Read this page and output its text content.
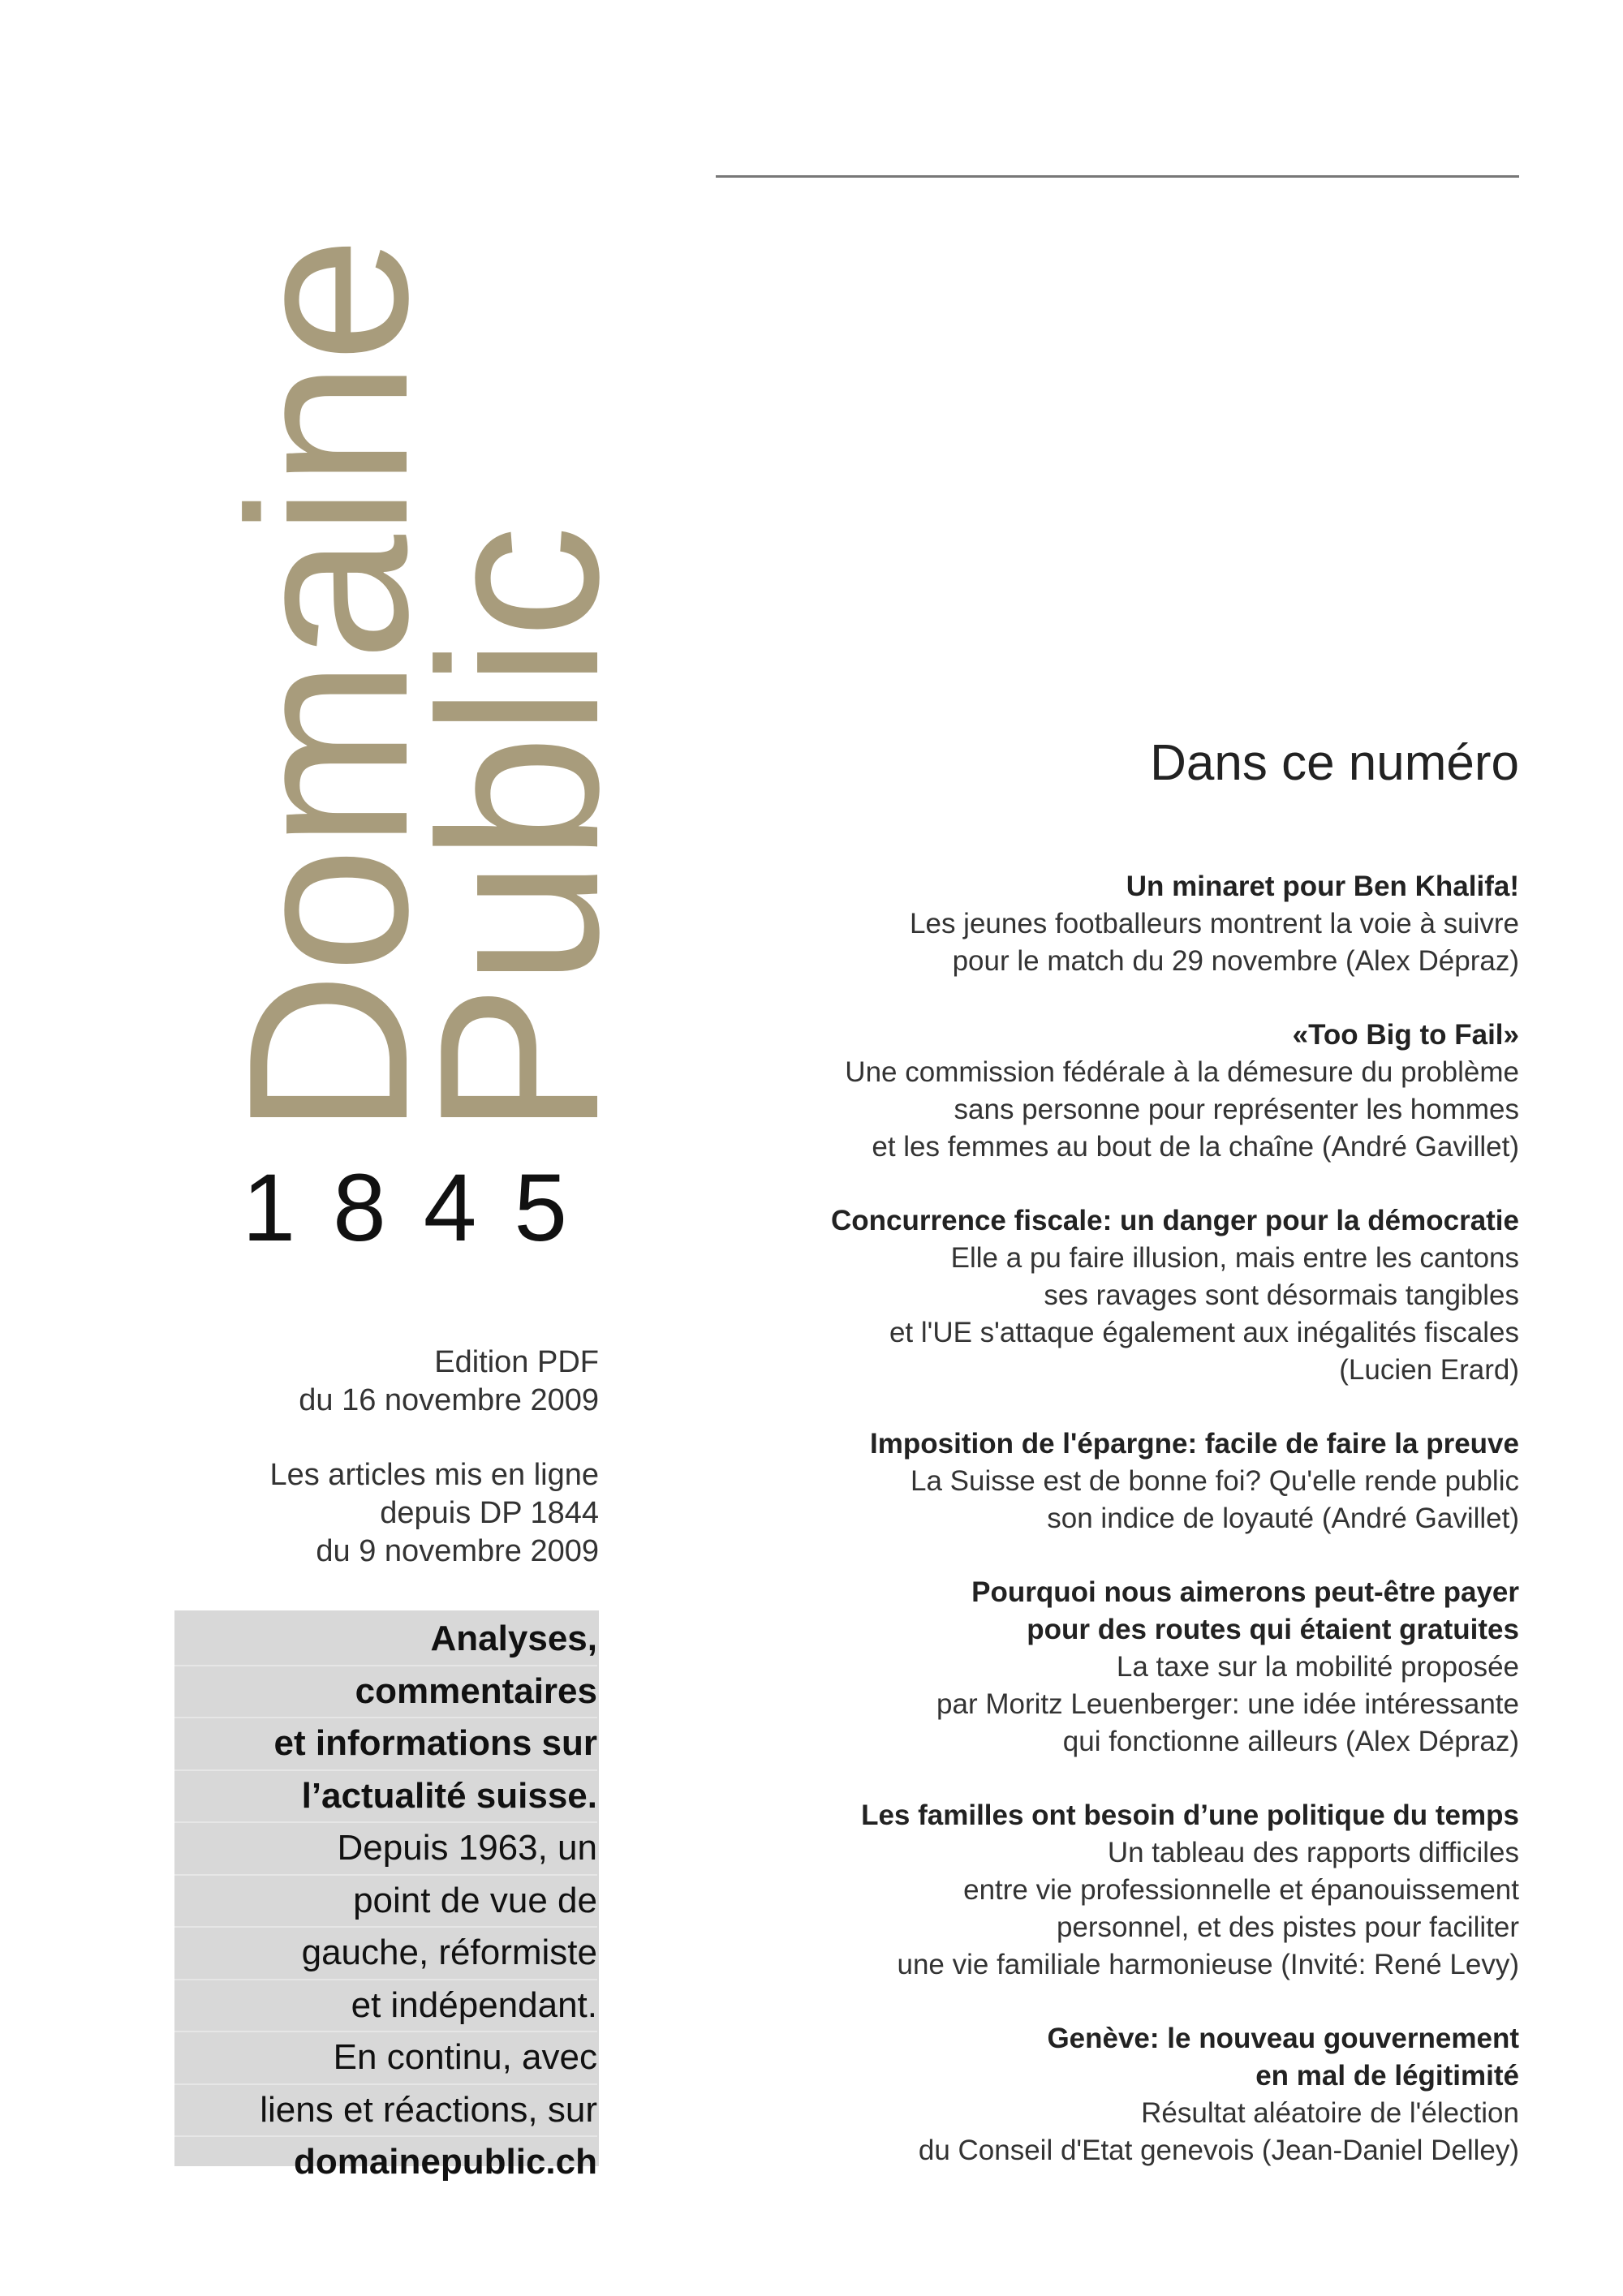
Domaine
Public
1845
Edition PDF
du 16 novembre 2009
Les articles mis en ligne
depuis DP 1844
du 9 novembre 2009
Analyses,
commentaires
et informations sur
l’actualité suisse.
Depuis 1963, un
point de vue de
gauche, réformiste
et indépendant.
En continu, avec
liens et réactions, sur
domainepublic.ch
Dans ce numéro
Un minaret pour Ben Khalifa!
Les jeunes footballeurs montrent la voie à suivre
pour le match du 29 novembre (Alex Dépraz)
«Too Big to Fail»
Une commission fédérale à la démesure du problème
sans personne pour représenter les hommes
et les femmes au bout de la chaîne (André Gavillet)
Concurrence fiscale: un danger pour la démocratie
Elle a pu faire illusion, mais entre les cantons
ses ravages sont désormais tangibles
et l'UE s'attaque également aux inégalités fiscales
(Lucien Erard)
Imposition de l'épargne: facile de faire la preuve
La Suisse est de bonne foi? Qu'elle rende public
son indice de loyauté (André Gavillet)
Pourquoi nous aimerons peut-être payer
pour des routes qui étaient gratuites
La taxe sur la mobilité proposée
par Moritz Leuenberger: une idée intéressante
qui fonctionne ailleurs (Alex Dépraz)
Les familles ont besoin d’une politique du temps
Un tableau des rapports difficiles
entre vie professionnelle et épanouissement
personnel, et des pistes pour faciliter
une vie familiale harmonieuse (Invité: René Levy)
Genève: le nouveau gouvernement
en mal de légitimité
Résultat aléatoire de l'élection
du Conseil d'Etat genevois (Jean-Daniel Delley)
